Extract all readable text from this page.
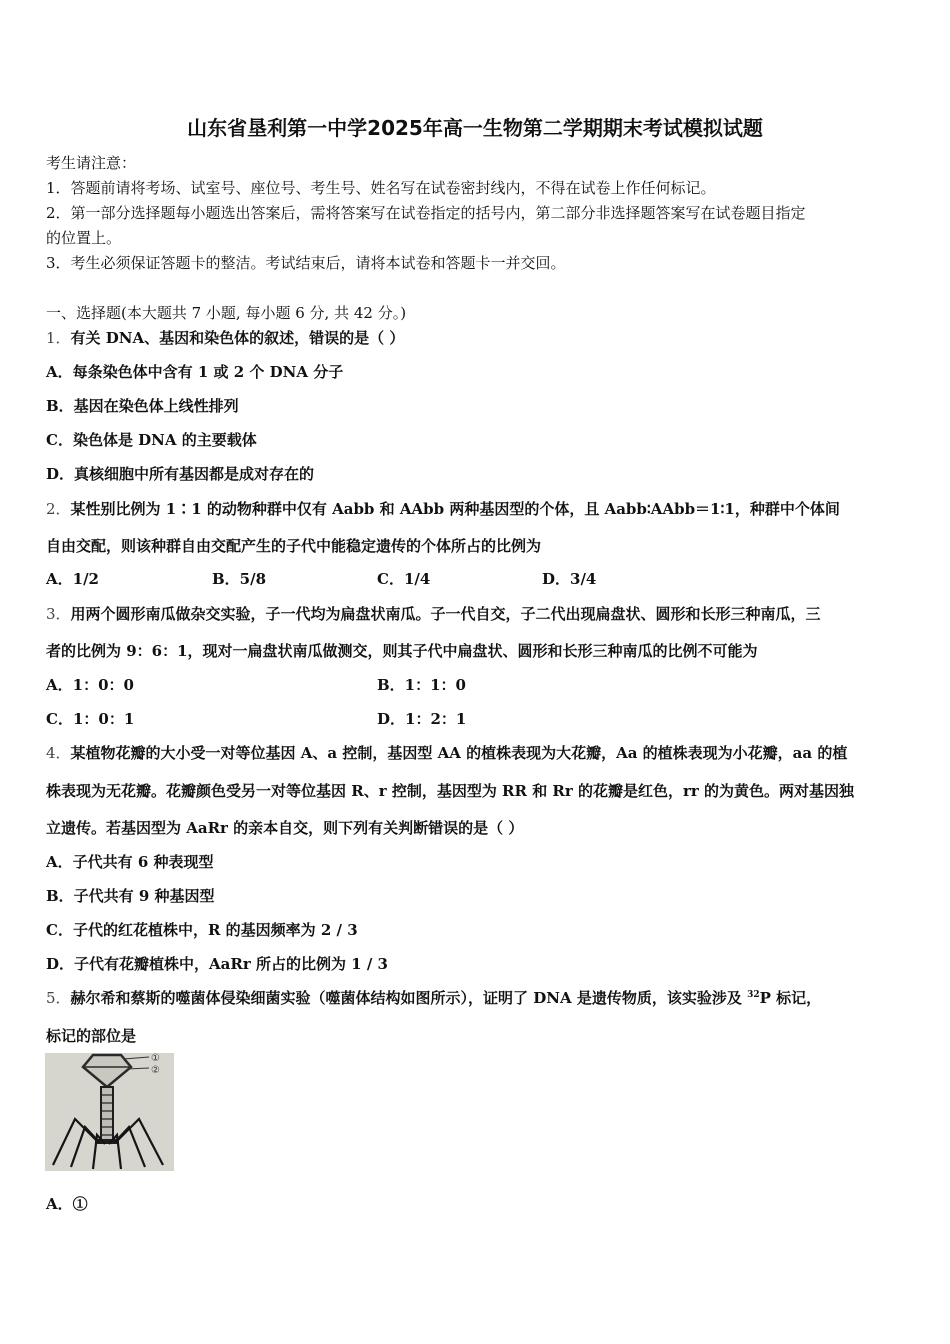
山东省垦利第一中学2025年高一生物第二学期期末考试模拟试题
考生请注意：
1．答题前请将考场、试室号、座位号、考生号、姓名写在试卷密封线内，不得在试卷上作任何标记。
2．第一部分选择题每小题选出答案后，需将答案写在试卷指定的括号内，第二部分非选择题答案写在试卷题目指定
的位置上。
3．考生必须保证答题卡的整洁。考试结束后，请将本试卷和答题卡一并交回。
一、选择题(本大题共 7 小题, 每小题 6 分, 共 42 分。)
1．有关 DNA、基因和染色体的叙述，错误的是（ ）
A．每条染色体中含有 1 或 2 个 DNA 分子
B．基因在染色体上线性排列
C．染色体是 DNA 的主要载体
D．真核细胞中所有基因都是成对存在的
2．某性别比例为 1∶1 的动物种群中仅有 Aabb 和 AAbb 两种基因型的个体，且 Aabb∶AAbb＝1∶1，种群中个体间
自由交配，则该种群自由交配产生的子代中能稳定遗传的个体所占的比例为
A．1/2	B．5/8	C．1/4	D．3/4
3．用两个圆形南瓜做杂交实验，子一代均为扁盘状南瓜。子一代自交，子二代出现扁盘状、圆形和长形三种南瓜，三
者的比例为 9：6：1，现对一扁盘状南瓜做测交，则其子代中扁盘状、圆形和长形三种南瓜的比例不可能为
A．1：0：0	B．1：1：0
C．1：0：1	D．1：2：1
4．某植物花瓣的大小受一对等位基因 A、a 控制，基因型 AA 的植株表现为大花瓣，Aa 的植株表现为小花瓣，aa 的植
株表现为无花瓣。花瓣颜色受另一对等位基因 R、r 控制，基因型为 RR 和 Rr 的花瓣是红色，rr 的为黄色。两对基因独
立遗传。若基因型为 AaRr 的亲本自交，则下列有关判断错误的是（ ）
A．子代共有 6 种表现型
B．子代共有 9 种基因型
C．子代的红花植株中，R 的基因频率为 2 / 3
D．子代有花瓣植株中，AaRr 所占的比例为 1 / 3
5．赫尔希和蔡斯的噬菌体侵染细菌实验（噬菌体结构如图所示），证明了 DNA 是遗传物质，该实验涉及 $^{32}$P 标记，
标记的部位是
①
②
A．①
